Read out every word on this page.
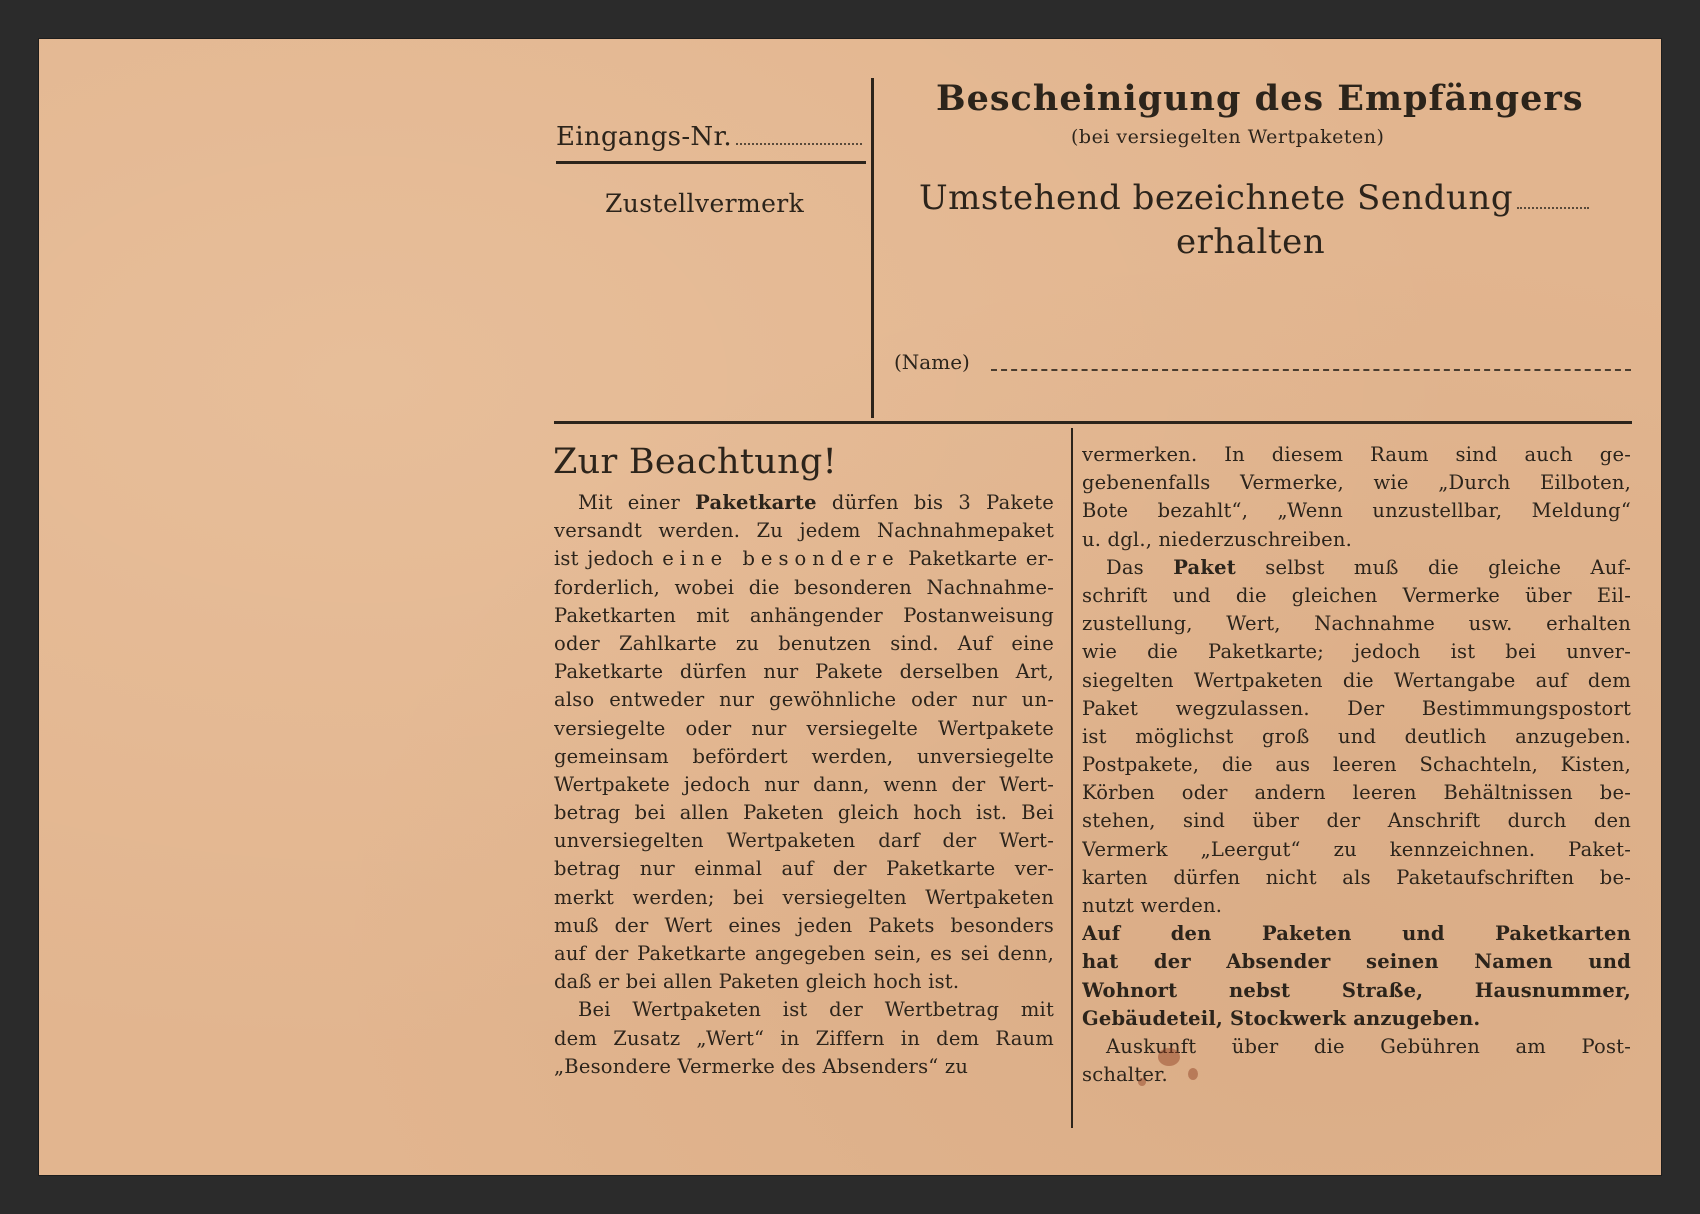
Eingangs-Nr.
Zustellvermerk
Bescheinigung des Empfängers
(bei versiegelten Wertpaketen)
Umstehend bezeichnete Sendung
erhalten
(Name)
Zur Beachtung!
Mit einer Paketkarte dürfen bis 3 Pakete
versandt werden. Zu jedem Nachnahmepaket
ist jedoch eine besondere Paketkarte er-
forderlich, wobei die besonderen Nachnahme-
Paketkarten mit anhängender Postanweisung
oder Zahlkarte zu benutzen sind. Auf eine
Paketkarte dürfen nur Pakete derselben Art,
also entweder nur gewöhnliche oder nur un-
versiegelte oder nur versiegelte Wertpakete
gemeinsam befördert werden, unversiegelte
Wertpakete jedoch nur dann, wenn der Wert-
betrag bei allen Paketen gleich hoch ist. Bei
unversiegelten Wertpaketen darf der Wert-
betrag nur einmal auf der Paketkarte ver-
merkt werden; bei versiegelten Wertpaketen
muß der Wert eines jeden Pakets besonders
auf der Paketkarte angegeben sein, es sei denn,
daß er bei allen Paketen gleich hoch ist.
Bei Wertpaketen ist der Wertbetrag mit
dem Zusatz „Wert“ in Ziffern in dem Raum
„Besondere Vermerke des Absenders“ zu
vermerken. In diesem Raum sind auch ge-
gebenenfalls Vermerke, wie „Durch Eilboten,
Bote bezahlt“, „Wenn unzustellbar, Meldung“
u. dgl., niederzuschreiben.
Das Paket selbst muß die gleiche Auf-
schrift und die gleichen Vermerke über Eil-
zustellung, Wert, Nachnahme usw. erhalten
wie die Paketkarte; jedoch ist bei unver-
siegelten Wertpaketen die Wertangabe auf dem
Paket wegzulassen. Der Bestimmungspostort
ist möglichst groß und deutlich anzugeben.
Postpakete, die aus leeren Schachteln, Kisten,
Körben oder andern leeren Behältnissen be-
stehen, sind über der Anschrift durch den
Vermerk „Leergut“ zu kennzeichnen. Paket-
karten dürfen nicht als Paketaufschriften be-
nutzt werden.
Auf den Paketen und Paketkarten
hat der Absender seinen Namen und
Wohnort nebst Straße, Hausnummer,
Gebäudeteil, Stockwerk anzugeben.
Auskunft über die Gebühren am Post-
schalter.
